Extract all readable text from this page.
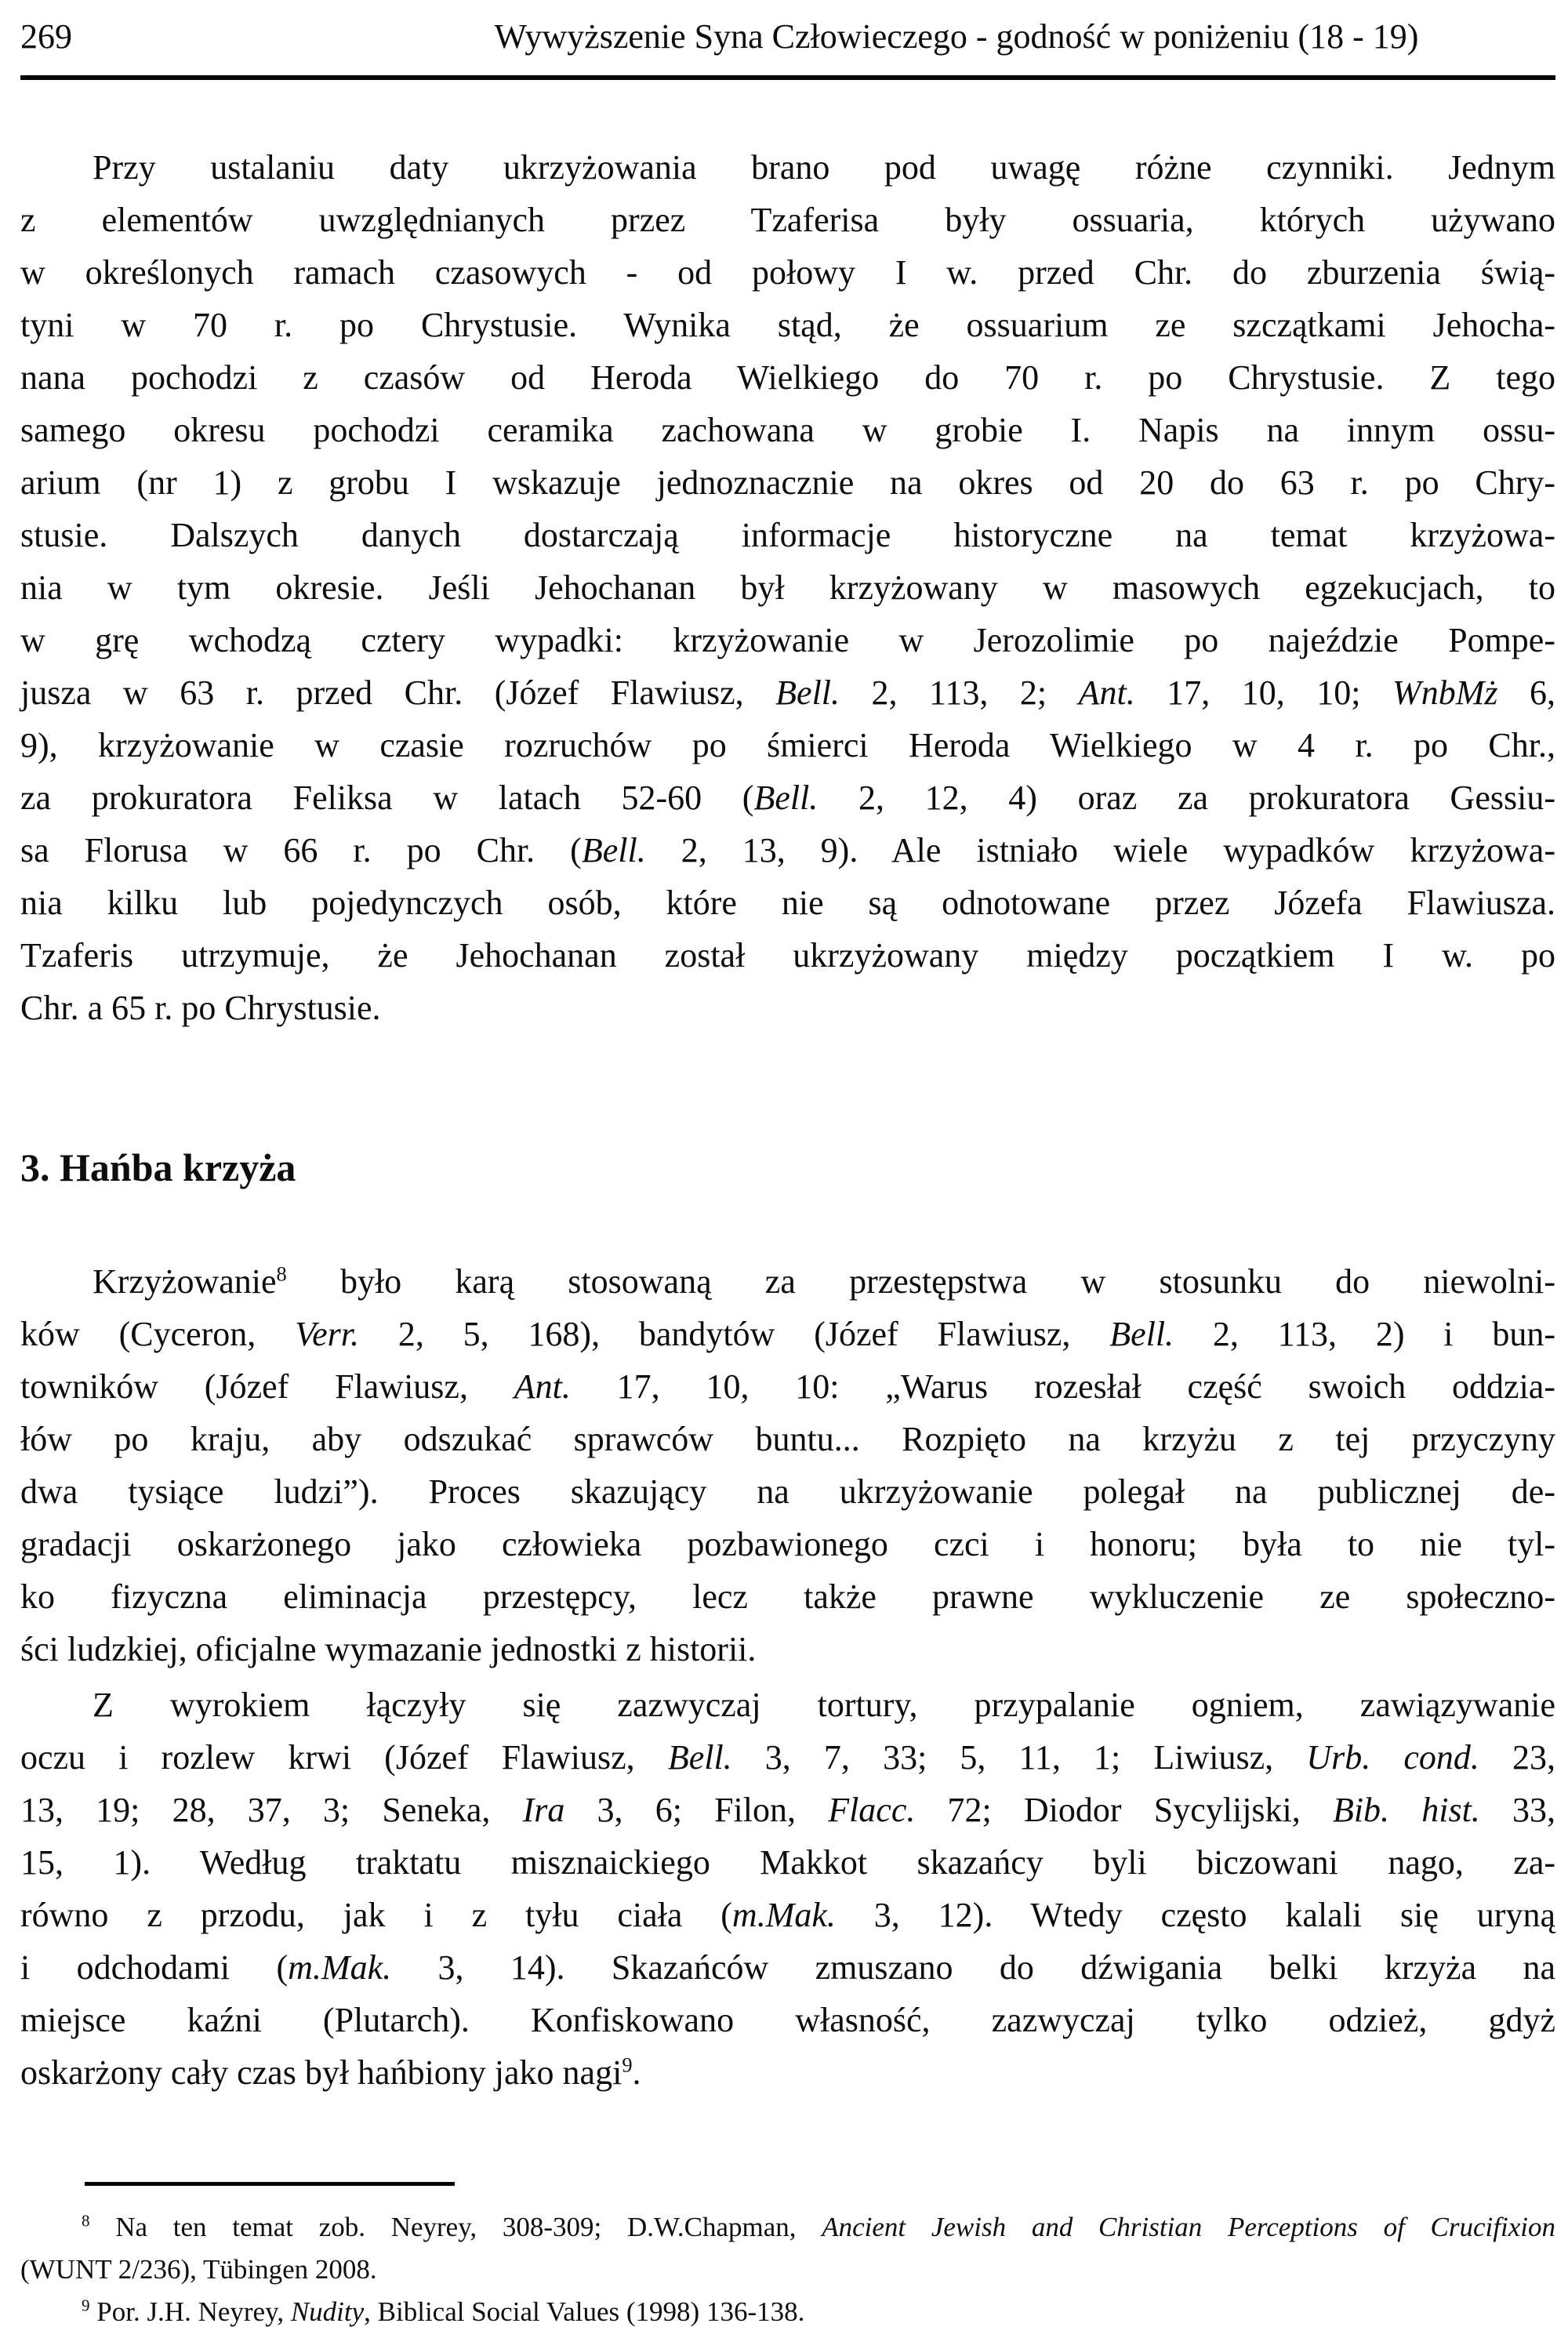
269	Wywyższenie Syna Człowieczego - godność w poniżeniu (18 - 19)
Przy ustalaniu daty ukrzyżowania brano pod uwagę różne czynniki. Jednym
z elementów uwzględnianych przez Tzaferisa były ossuaria, których używano
w określonych ramach czasowych - od połowy I w. przed Chr. do zburzenia świą-
tyni w 70 r. po Chrystusie. Wynika stąd, że ossuarium ze szczątkami Jehocha-
nana pochodzi z czasów od Heroda Wielkiego do 70 r. po Chrystusie. Z tego
samego okresu pochodzi ceramika zachowana w grobie I. Napis na innym ossu-
arium (nr 1) z grobu I wskazuje jednoznacznie na okres od 20 do 63 r. po Chry-
stusie. Dalszych danych dostarczają informacje historyczne na temat krzyżowa-
nia w tym okresie. Jeśli Jehochanan był krzyżowany w masowych egzekucjach, to
w grę wchodzą cztery wypadki: krzyżowanie w Jerozolimie po najeździe Pompe-
jusza w 63 r. przed Chr. (Józef Flawiusz, Bell. 2, 113, 2; Ant. 17, 10, 10; WnbMż 6,
9), krzyżowanie w czasie rozruchów po śmierci Heroda Wielkiego w 4 r. po Chr.,
za prokuratora Feliksa w latach 52-60 (Bell. 2, 12, 4) oraz za prokuratora Gessiu-
sa Florusa w 66 r. po Chr. (Bell. 2, 13, 9). Ale istniało wiele wypadków krzyżowa-
nia kilku lub pojedynczych osób, które nie są odnotowane przez Józefa Flawiusza.
Tzaferis utrzymuje, że Jehochanan został ukrzyżowany między początkiem I w. po
Chr. a 65 r. po Chrystusie.
3. Hańba krzyża
Krzyżowanie$^8$ było karą stosowaną za przestępstwa w stosunku do niewolni-
ków (Cyceron, Verr. 2, 5, 168), bandytów (Józef Flawiusz, Bell. 2, 113, 2) i bun-
towników (Józef Flawiusz, Ant. 17, 10, 10: „Warus rozesłał część swoich oddzia-
łów po kraju, aby odszukać sprawców buntu... Rozpięto na krzyżu z tej przyczyny
dwa tysiące ludzi”). Proces skazujący na ukrzyżowanie polegał na publicznej de-
gradacji oskarżonego jako człowieka pozbawionego czci i honoru; była to nie tyl-
ko fizyczna eliminacja przestępcy, lecz także prawne wykluczenie ze społeczno-
ści ludzkiej, oficjalne wymazanie jednostki z historii.
Z wyrokiem łączyły się zazwyczaj tortury, przypalanie ogniem, zawiązywanie
oczu i rozlew krwi (Józef Flawiusz, Bell. 3, 7, 33; 5, 11, 1; Liwiusz, Urb. cond. 23,
13, 19; 28, 37, 3; Seneka, Ira 3, 6; Filon, Flacc. 72; Diodor Sycylijski, Bib. hist. 33,
15, 1). Według traktatu misznaickiego Makkot skazańcy byli biczowani nago, za-
równo z przodu, jak i z tyłu ciała (m.Mak. 3, 12). Wtedy często kalali się uryną
i odchodami (m.Mak. 3, 14). Skazańców zmuszano do dźwigania belki krzyża na
miejsce kaźni (Plutarch). Konfiskowano własność, zazwyczaj tylko odzież, gdyż
oskarżony cały czas był hańbiony jako nagi$^9$.
$^8$ Na ten temat zob. Neyrey, 308-309; D.W.Chapman, Ancient Jewish and Christian Perceptions of Crucifixion
(WUNT 2/236), Tübingen 2008.
$^9$ Por. J.H. Neyrey, Nudity, Biblical Social Values (1998) 136-138.
